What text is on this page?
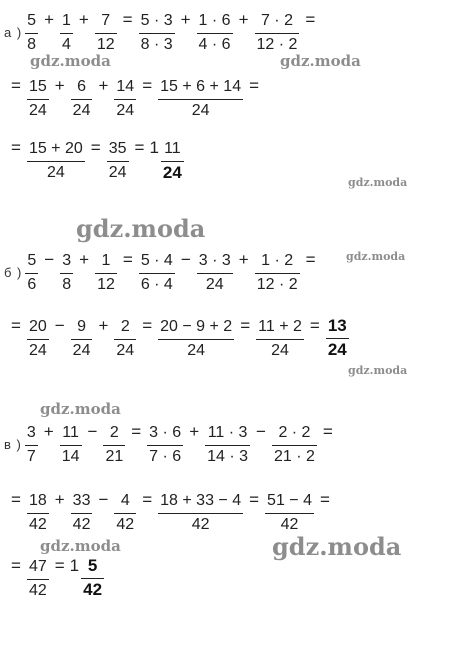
а ) $\frac{5}{8} + \frac{1}{4} + \frac{7}{12} = \frac{5 \cdot 3}{8 \cdot 3} + \frac{1 \cdot 6}{4 \cdot 6} + \frac{7 \cdot 2}{12 \cdot 2}$ =
= $\frac{15}{24} + \frac{6}{24} + \frac{14}{24} = \frac{15 + 6 + 14}{24}$ =
= $\frac{15 + 20}{24} = \frac{35}{24} = 1 \frac{11}{24}$
б ) $\frac{5}{6} - \frac{3}{8} + \frac{1}{12} = \frac{5 \cdot 4}{6 \cdot 4} - \frac{3 \cdot 3}{24} + \frac{1 \cdot 2}{12 \cdot 2}$ =
= $\frac{20}{24} - \frac{9}{24} + \frac{2}{24} = \frac{20 - 9 + 2}{24} = \frac{11 + 2}{24} = \frac{13}{24}$
в ) $\frac{3}{7} + \frac{11}{14} - \frac{2}{21} = \frac{3 \cdot 6}{7 \cdot 6} + \frac{11 \cdot 3}{14 \cdot 3} - \frac{2 \cdot 2}{21 \cdot 2}$ =
= $\frac{18}{42} + \frac{33}{42} - \frac{4}{42} = \frac{18 + 33 - 4}{42} = \frac{51 - 4}{42}$ =
= $\frac{47}{42} = 1 \frac{5}{42}$
gdz.moda	gdz.moda
gdz.moda
gdz.moda
gdz.moda
gdz.moda
gdz.moda
gdz.moda	gdz.moda
